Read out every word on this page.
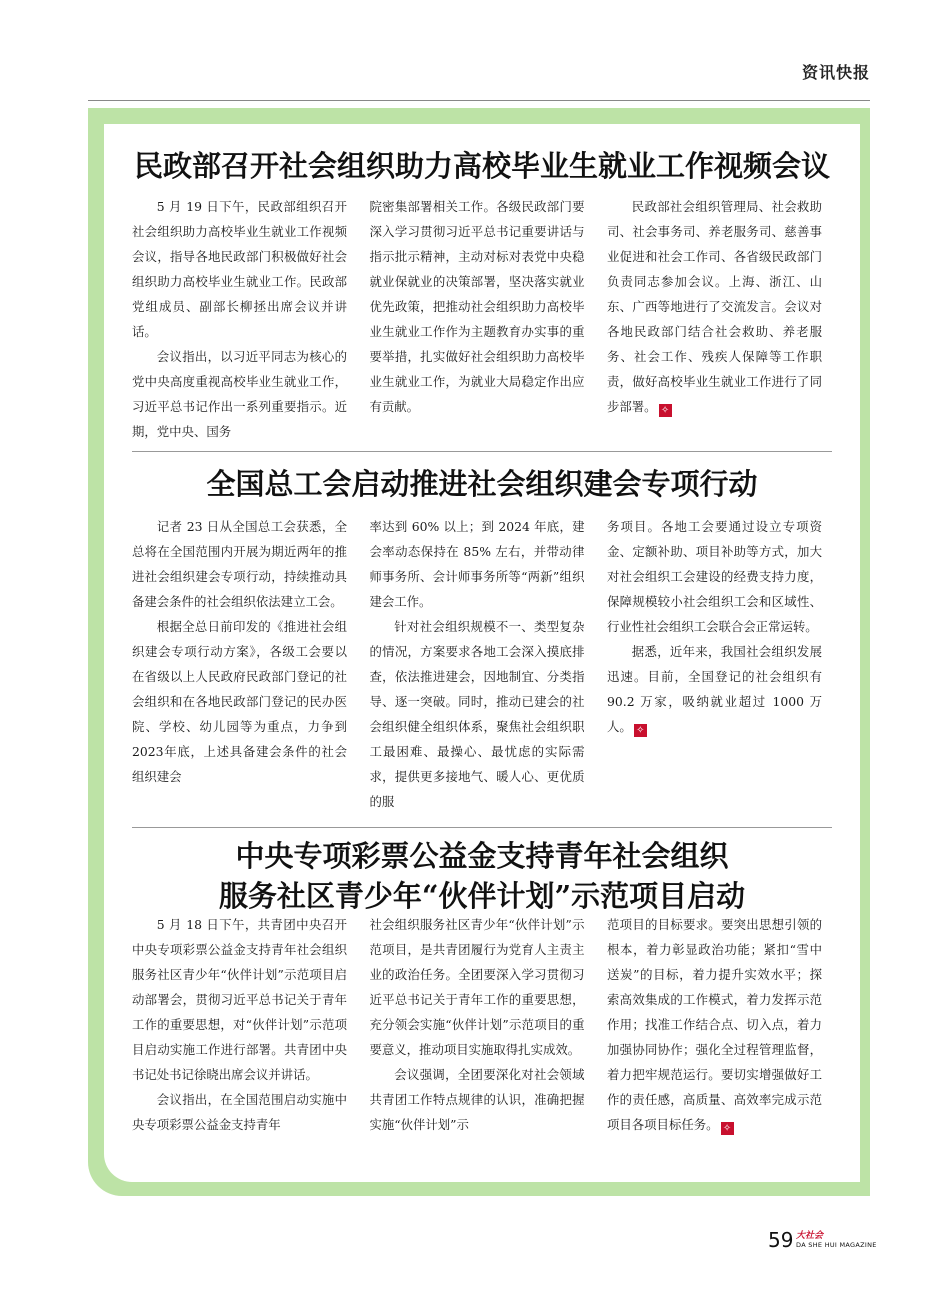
资讯快报
民政部召开社会组织助力高校毕业生就业工作视频会议

5 月 19 日下午，民政部组织召开社会组织助力高校毕业生就业工作视频会议，指导各地民政部门积极做好社会组织助力高校毕业生就业工作。民政部党组成员、副部长柳拯出席会议并讲话。

会议指出，以习近平同志为核心的党中央高度重视高校毕业生就业工作，习近平总书记作出一系列重要指示。近期，党中央、国务

院密集部署相关工作。各级民政部门要深入学习贯彻习近平总书记重要讲话与指示批示精神，主动对标对表党中央稳就业保就业的决策部署，坚决落实就业优先政策，把推动社会组织助力高校毕业生就业工作作为主题教育办实事的重要举措，扎实做好社会组织助力高校毕业生就业工作，为就业大局稳定作出应有贡献。

民政部社会组织管理局、社会救助司、社会事务司、养老服务司、慈善事业促进和社会工作司、各省级民政部门负责同志参加会议。上海、浙江、山东、广西等地进行了交流发言。会议对各地民政部门结合社会救助、养老服务、社会工作、残疾人保障等工作职责，做好高校毕业生就业工作进行了同步部署。 ✧

全国总工会启动推进社会组织建会专项行动

记者 23 日从全国总工会获悉，全总将在全国范围内开展为期近两年的推进社会组织建会专项行动，持续推动具备建会条件的社会组织依法建立工会。

根据全总日前印发的《推进社会组织建会专项行动方案》，各级工会要以在省级以上人民政府民政部门登记的社会组织和在各地民政部门登记的民办医院、学校、幼儿园等为重点，力争到2023年底，上述具备建会条件的社会组织建会

率达到 60% 以上；到 2024 年底，建会率动态保持在 85% 左右，并带动律师事务所、会计师事务所等“两新”组织建会工作。

针对社会组织规模不一、类型复杂的情况，方案要求各地工会深入摸底排查，依法推进建会，因地制宜、分类指导、逐一突破。同时，推动已建会的社会组织健全组织体系，聚焦社会组织职工最困难、最操心、最忧虑的实际需求，提供更多接地气、暖人心、更优质的服

务项目。各地工会要通过设立专项资金、定额补助、项目补助等方式，加大对社会组织工会建设的经费支持力度，保障规模较小社会组织工会和区域性、行业性社会组织工会联合会正常运转。

据悉，近年来，我国社会组织发展迅速。目前，全国登记的社会组织有 90.2 万家，吸纳就业超过 1000 万人。 ✧

中央专项彩票公益金支持青年社会组织
服务社区青少年“伙伴计划”示范项目启动

5 月 18 日下午，共青团中央召开中央专项彩票公益金支持青年社会组织服务社区青少年“伙伴计划”示范项目启动部署会，贯彻习近平总书记关于青年工作的重要思想，对“伙伴计划”示范项目启动实施工作进行部署。共青团中央书记处书记徐晓出席会议并讲话。

会议指出，在全国范围启动实施中央专项彩票公益金支持青年

社会组织服务社区青少年“伙伴计划”示范项目，是共青团履行为党育人主责主业的政治任务。全团要深入学习贯彻习近平总书记关于青年工作的重要思想，充分领会实施“伙伴计划”示范项目的重要意义，推动项目实施取得扎实成效。

会议强调，全团要深化对社会领域共青团工作特点规律的认识，准确把握实施“伙伴计划”示

范项目的目标要求。要突出思想引领的根本，着力彰显政治功能；紧扣“雪中送炭”的目标，着力提升实效水平；探索高效集成的工作模式，着力发挥示范作用；找准工作结合点、切入点，着力加强协同协作；强化全过程管理监督，着力把牢规范运行。要切实增强做好工作的责任感，高质量、高效率完成示范项目各项目标任务。 ✧

59 大社会
DA SHE HUI MAGAZINE
